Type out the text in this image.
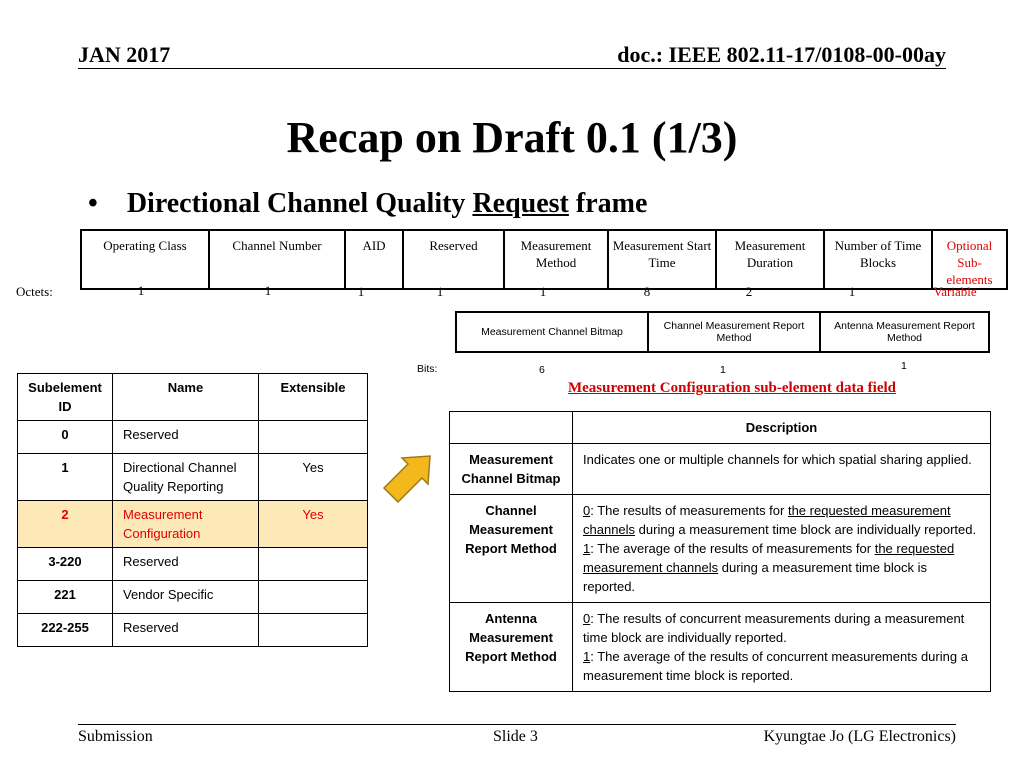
JAN 2017	doc.: IEEE 802.11-17/0108-00-00ay
Recap on Draft 0.1 (1/3)
• Directional Channel Quality Request frame
Operating Class	Channel Number	AID	Reserved	Measurement Method	Measurement Start Time	Measurement Duration	Number of Time Blocks	Optional Sub-elements
Octets:	1	1	1	1	1	8	2	1	Variable
Measurement Channel Bitmap	Channel Measurement Report Method	Antenna Measurement Report Method
Bits:	6	1	1
Measurement Configuration sub-element data field
Subelement ID	Name	Extensible
0	Reserved	
1	Directional Channel Quality Reporting	Yes
2	Measurement Configuration	Yes
3-220	Reserved	
221	Vendor Specific	
222-255	Reserved	
	Description
Measurement Channel Bitmap	Indicates one or multiple channels for which spatial sharing applied.
Channel Measurement Report Method	0: The results of measurements for the requested measurement channels during a measurement time block are individually reported.
1: The average of the results of measurements for the requested measurement channels during a measurement time block is reported.
Antenna Measurement Report Method	0: The results of concurrent measurements during a measurement time block are individually reported.
1: The average of the results of concurrent measurements during a measurement time block is reported.
Submission	Slide 3	Kyungtae Jo (LG Electronics)
